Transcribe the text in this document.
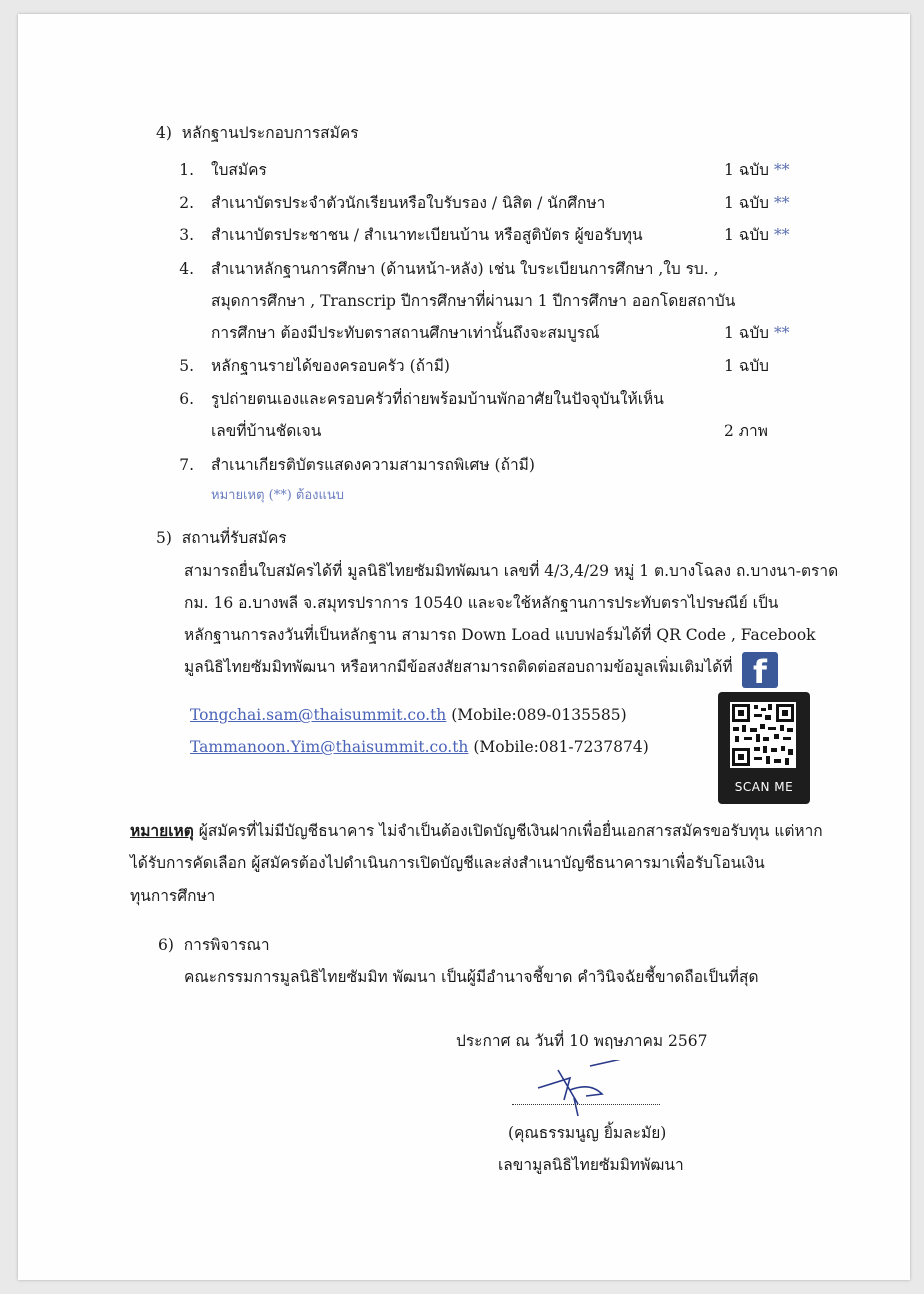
4)  หลักฐานประกอบการสมัคร
1. ใบสมัคร	1 ฉบับ **
2. สำเนาบัตรประจำตัวนักเรียนหรือใบรับรอง / นิสิต / นักศึกษา	1 ฉบับ **
3. สำเนาบัตรประชาชน / สำเนาทะเบียนบ้าน หรือสูติบัตร ผู้ขอรับทุน	1 ฉบับ **
4. สำเนาหลักฐานการศึกษา (ด้านหน้า-หลัง) เช่น ใบระเบียนการศึกษา ,ใบ รบ. ,
สมุดการศึกษา , Transcrip ปีการศึกษาที่ผ่านมา 1 ปีการศึกษา ออกโดยสถาบัน
การศึกษา ต้องมีประทับตราสถานศึกษาเท่านั้นถึงจะสมบูรณ์	1 ฉบับ **
5. หลักฐานรายได้ของครอบครัว (ถ้ามี)	1 ฉบับ
6. รูปถ่ายตนเองและครอบครัวที่ถ่ายพร้อมบ้านพักอาศัยในปัจจุบันให้เห็น
เลขที่บ้านชัดเจน	2 ภาพ
7. สำเนาเกียรติบัตรแสดงความสามารถพิเศษ (ถ้ามี)
หมายเหตุ (**) ต้องแนบ
5)  สถานที่รับสมัคร
สามารถยื่นใบสมัครได้ที่ มูลนิธิไทยซัมมิทพัฒนา เลขที่ 4/3,4/29 หมู่ 1 ต.บางโฉลง ถ.บางนา-ตราด
กม. 16 อ.บางพลี จ.สมุทรปราการ 10540 และจะใช้หลักฐานการประทับตราไปรษณีย์ เป็น
หลักฐานการลงวันที่เป็นหลักฐาน สามารถ Down Load แบบฟอร์มได้ที่ QR Code , Facebook
มูลนิธิไทยซัมมิทพัฒนา หรือหากมีข้อสงสัยสามารถติดต่อสอบถามข้อมูลเพิ่มเติมได้ที่ f
Tongchai.sam@thaisummit.co.th (Mobile:089-0135585)
Tammanoon.Yim@thaisummit.co.th (Mobile:081-7237874)
SCAN ME
หมายเหตุ ผู้สมัครที่ไม่มีบัญชีธนาคาร ไม่จำเป็นต้องเปิดบัญชีเงินฝากเพื่อยื่นเอกสารสมัครขอรับทุน แต่หาก
ได้รับการคัดเลือก ผู้สมัครต้องไปดำเนินการเปิดบัญชีและส่งสำเนาบัญชีธนาคารมาเพื่อรับโอนเงิน
ทุนการศึกษา
6)  การพิจารณา
คณะกรรมการมูลนิธิไทยซัมมิท พัฒนา เป็นผู้มีอำนาจชี้ขาด คำวินิจฉัยชี้ขาดถือเป็นที่สุด
ประกาศ ณ วันที่ 10 พฤษภาคม 2567
(คุณธรรมนูญ ยิ้มละมัย)
เลขามูลนิธิไทยซัมมิทพัฒนา
